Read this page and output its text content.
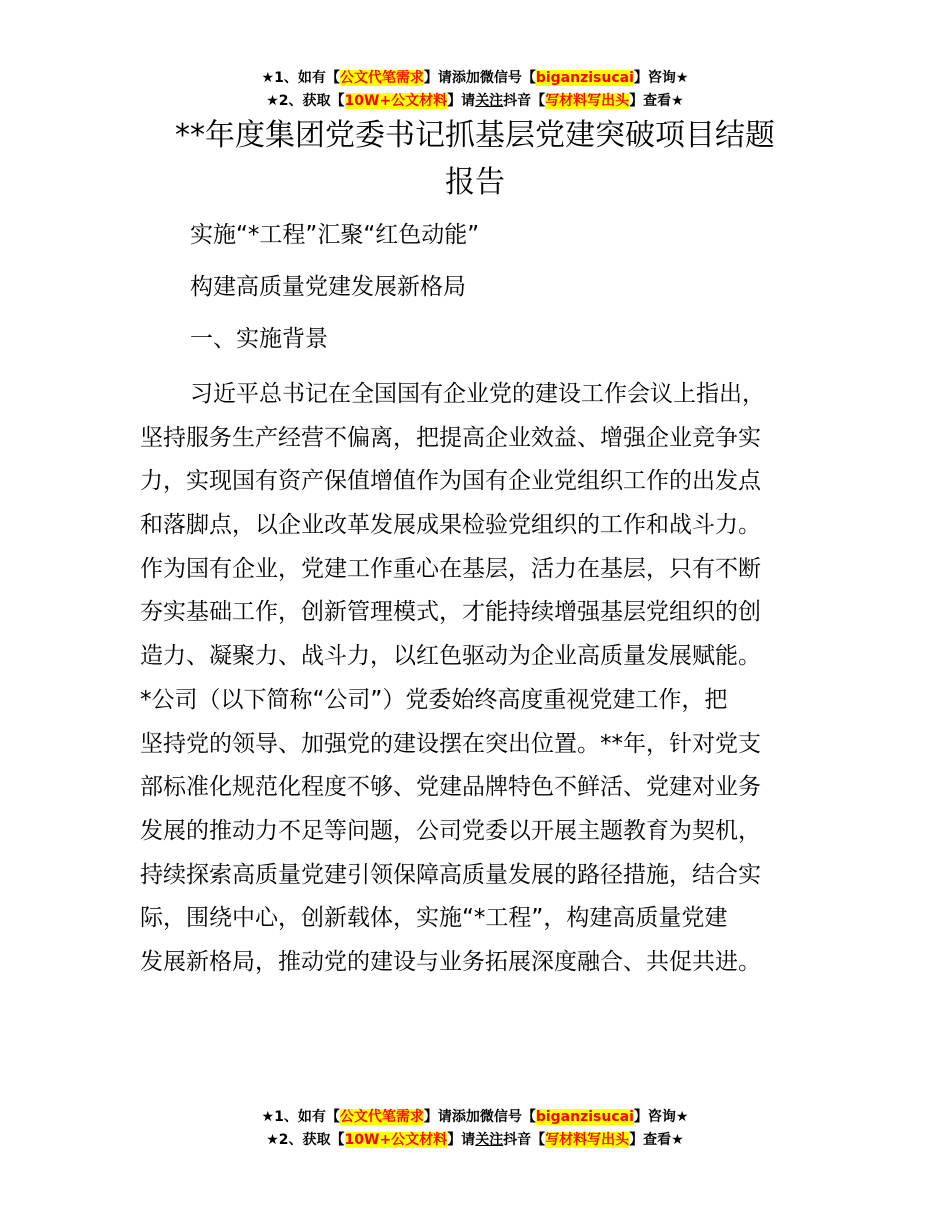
★1、如有【公文代笔需求】请添加微信号【biganzisucai】咨询★
★2、获取【10W+公文材料】请关注抖音【写材料写出头】查看★
**年度集团党委书记抓基层党建突破项目结题
报告
实施“*工程”汇聚“红色动能”
构建高质量党建发展新格局
一、实施背景
习近平总书记在全国国有企业党的建设工作会议上指出，
坚持服务生产经营不偏离，把提高企业效益、增强企业竞争实
力，实现国有资产保值增值作为国有企业党组织工作的出发点
和落脚点，以企业改革发展成果检验党组织的工作和战斗力。
作为国有企业，党建工作重心在基层，活力在基层，只有不断
夯实基础工作，创新管理模式，才能持续增强基层党组织的创
造力、凝聚力、战斗力，以红色驱动为企业高质量发展赋能。
*公司（以下简称“公司”）党委始终高度重视党建工作，把
坚持党的领导、加强党的建设摆在突出位置。**年，针对党支
部标准化规范化程度不够、党建品牌特色不鲜活、党建对业务
发展的推动力不足等问题，公司党委以开展主题教育为契机，
持续探索高质量党建引领保障高质量发展的路径措施，结合实
际，围绕中心，创新载体，实施“*工程”，构建高质量党建
发展新格局，推动党的建设与业务拓展深度融合、共促共进。
★1、如有【公文代笔需求】请添加微信号【biganzisucai】咨询★
★2、获取【10W+公文材料】请关注抖音【写材料写出头】查看★
